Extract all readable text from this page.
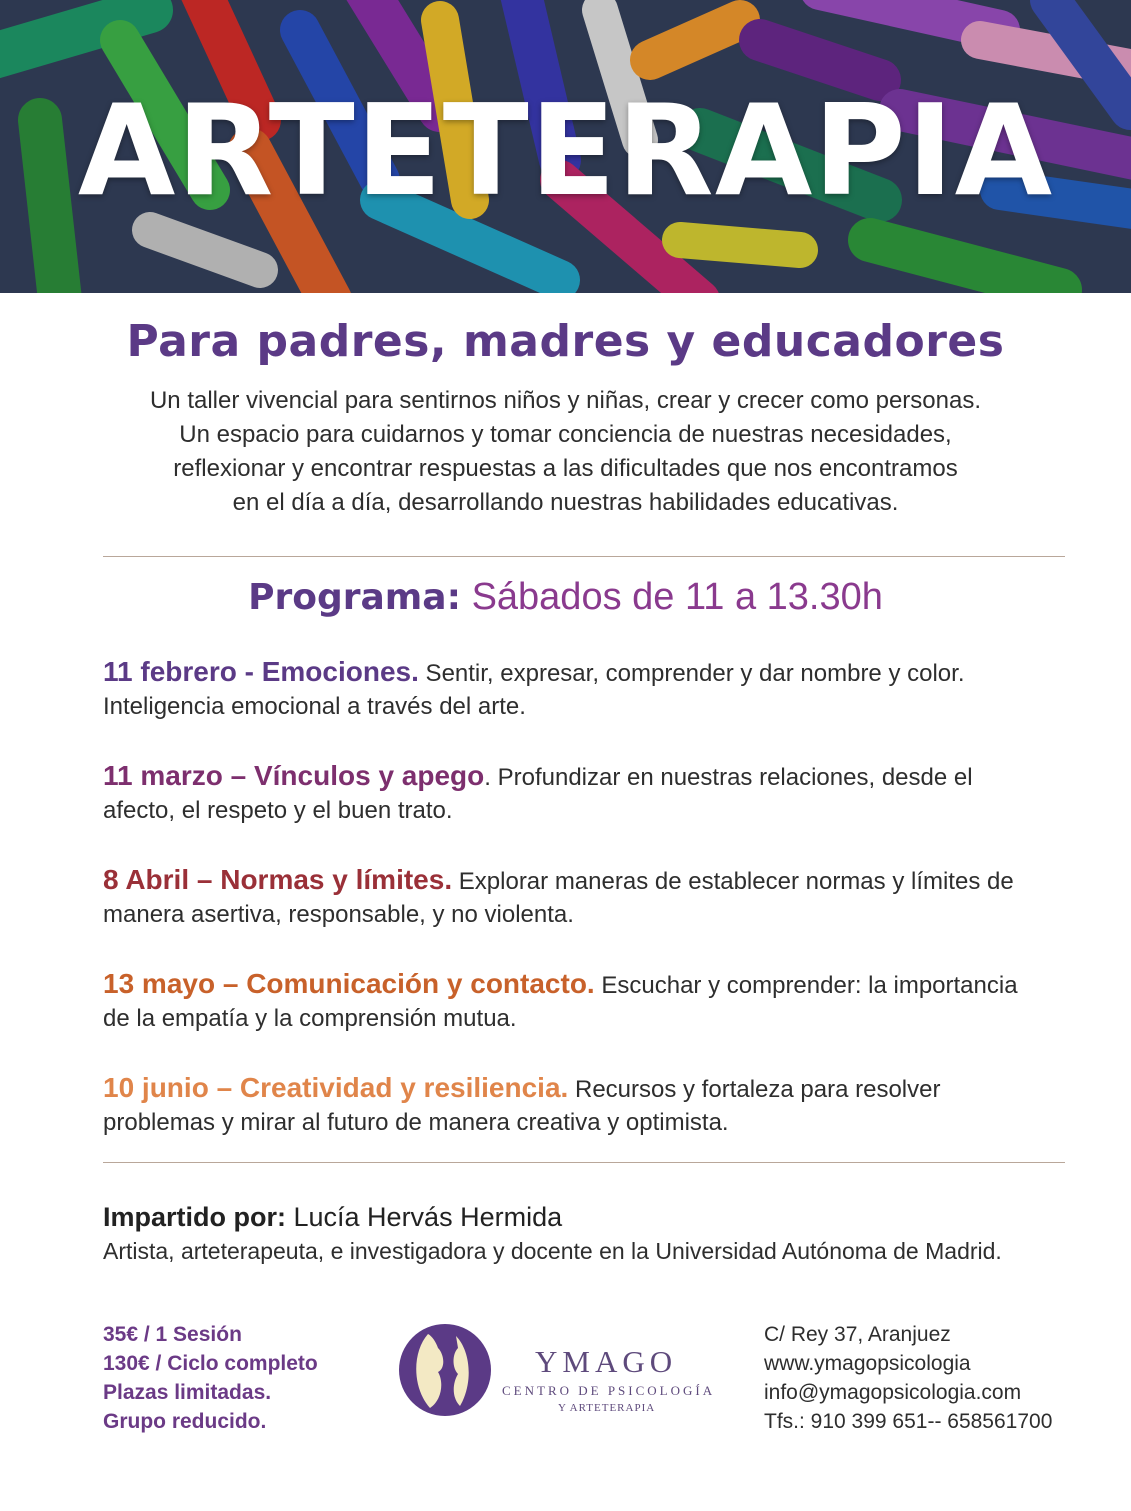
ARTETERAPIA
Para padres, madres y educadores

Un taller vivencial para sentirnos niños y niñas, crear y crecer como personas.

Un espacio para cuidarnos y tomar conciencia de nuestras necesidades,

reflexionar y encontrar respuestas a las dificultades que nos encontramos

en el día a día, desarrollando nuestras habilidades educativas.

Programa: Sábados de 11 a 13.30h

11 febrero - Emociones. Sentir, expresar, comprender y dar nombre y color.
Inteligencia emocional a través del arte.

11 marzo – Vínculos y apego. Profundizar en nuestras relaciones, desde el
afecto, el respeto y el buen trato.

8 Abril – Normas y límites. Explorar maneras de establecer normas y límites de
manera asertiva, responsable, y no violenta.

13 mayo – Comunicación y contacto. Escuchar y comprender: la importancia
de la empatía y la comprensión mutua.

10 junio – Creatividad y resiliencia. Recursos y fortaleza para resolver
problemas y mirar al futuro de manera creativa y optimista.

Impartido por: Lucía Hervás Hermida

Artista, arteterapeuta, e investigadora y docente en la Universidad Autónoma de Madrid.

35€ / 1 Sesión
130€ / Ciclo completo
Plazas limitadas.
Grupo reducido.

YMAGO

CENTRO DE PSICOLOGÍA

Y ARTETERAPIA

C/ Rey 37, Aranjuez
www.ymagopsicologia
info@ymagopsicologia.com
Tfs.: 910 399 651-- 658561700
